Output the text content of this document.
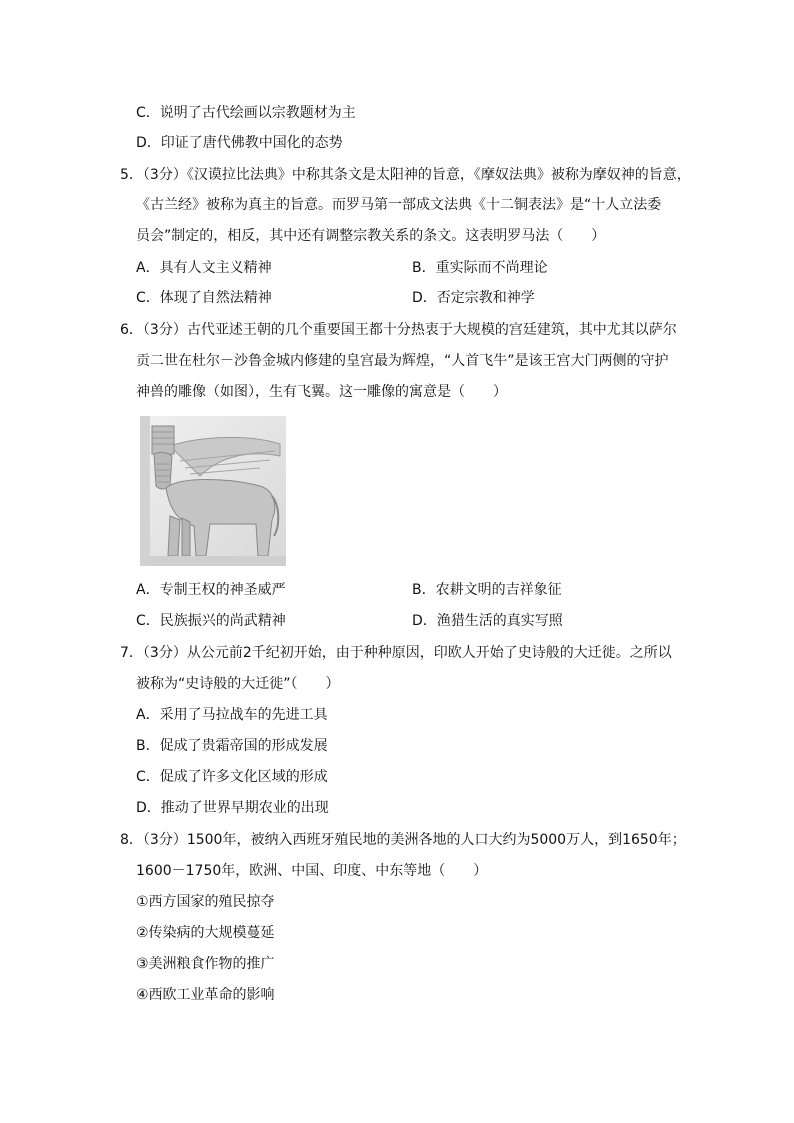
C．说明了古代绘画以宗教题材为主
D．印证了唐代佛教中国化的态势
5．（3分）《汉谟拉比法典》中称其条文是太阳神的旨意，《摩奴法典》被称为摩奴神的旨意，
《古兰经》被称为真主的旨意。而罗马第一部成文法典《十二铜表法》是“十人立法委
员会”制定的，相反，其中还有调整宗教关系的条文。这表明罗马法（　　）
A．具有人文主义精神	B．重实际而不尚理论
C．体现了自然法精神	D．否定宗教和神学
6．（3分）古代亚述王朝的几个重要国王都十分热衷于大规模的宫廷建筑，其中尤其以萨尔
贡二世在杜尔－沙鲁金城内修建的皇宫最为辉煌，“人首飞牛”是该王宫大门两侧的守护
神兽的雕像（如图），生有飞翼。这一雕像的寓意是（　　）
A．专制王权的神圣威严	B．农耕文明的吉祥象征
C．民族振兴的尚武精神	D．渔猎生活的真实写照
7．（3分）从公元前2千纪初开始，由于种种原因，印欧人开始了史诗般的大迁徙。之所以
被称为“史诗般的大迁徙”（　　）
A．采用了马拉战车的先进工具
B．促成了贵霜帝国的形成发展
C．促成了许多文化区域的形成
D．推动了世界早期农业的出现
8．（3分）1500年，被纳入西班牙殖民地的美洲各地的人口大约为5000万人，到1650年；
1600－1750年，欧洲、中国、印度、中东等地（　　）
①西方国家的殖民掠夺
②传染病的大规模蔓延
③美洲粮食作物的推广
④西欧工业革命的影响
